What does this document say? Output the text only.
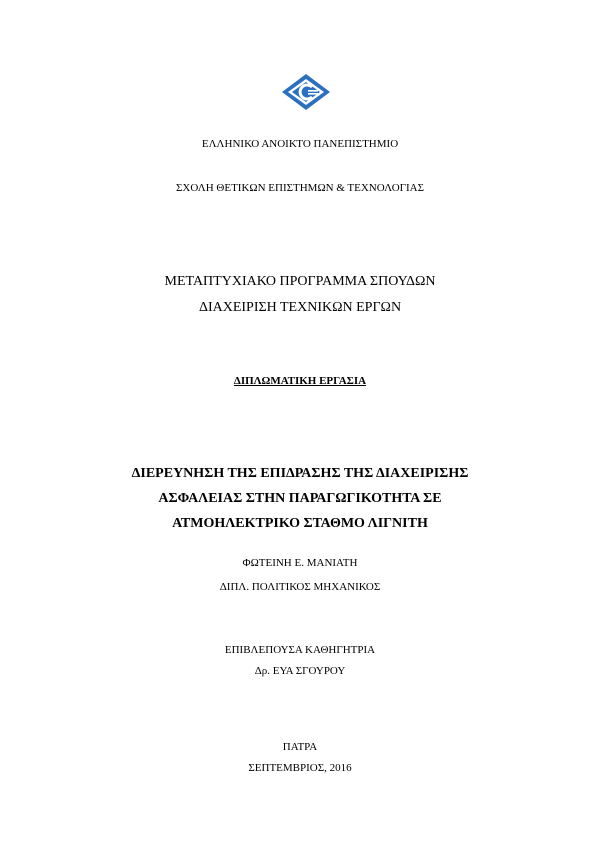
ΕΛΛΗΝΙΚΟ ΑΝΟΙΚΤΟ ΠΑΝΕΠΙΣΤΗΜΙΟ
ΣΧΟΛΗ ΘΕΤΙΚΩΝ ΕΠΙΣΤΗΜΩΝ & ΤΕΧΝΟΛΟΓΙΑΣ
ΜΕΤΑΠΤΥΧΙΑΚΟ ΠΡΟΓΡΑΜΜΑ ΣΠΟΥΔΩΝ
ΔΙΑΧΕΙΡΙΣΗ ΤΕΧΝΙΚΩΝ ΕΡΓΩΝ
ΔΙΠΛΩΜΑΤΙΚΗ ΕΡΓΑΣΙΑ
ΔΙΕΡΕΥΝΗΣΗ ΤΗΣ ΕΠΙΔΡΑΣΗΣ ΤΗΣ ΔΙΑΧΕΙΡΙΣΗΣ
ΑΣΦΑΛΕΙΑΣ ΣΤΗΝ ΠΑΡΑΓΩΓΙΚΟΤΗΤΑ ΣΕ
ΑΤΜΟΗΛΕΚΤΡΙΚΟ ΣΤΑΘΜΟ ΛΙΓΝΙΤΗ
ΦΩΤΕΙΝΗ Ε. ΜΑΝΙΑΤΗ
ΔΙΠΛ. ΠΟΛΙΤΙΚΟΣ ΜΗΧΑΝΙΚΟΣ
ΕΠΙΒΛΕΠΟΥΣΑ ΚΑΘΗΓΗΤΡΙΑ
Δρ. ΕΥΑ ΣΓΟΥΡΟΥ
ΠΑΤΡΑ
ΣΕΠΤΕΜΒΡΙΟΣ, 2016
